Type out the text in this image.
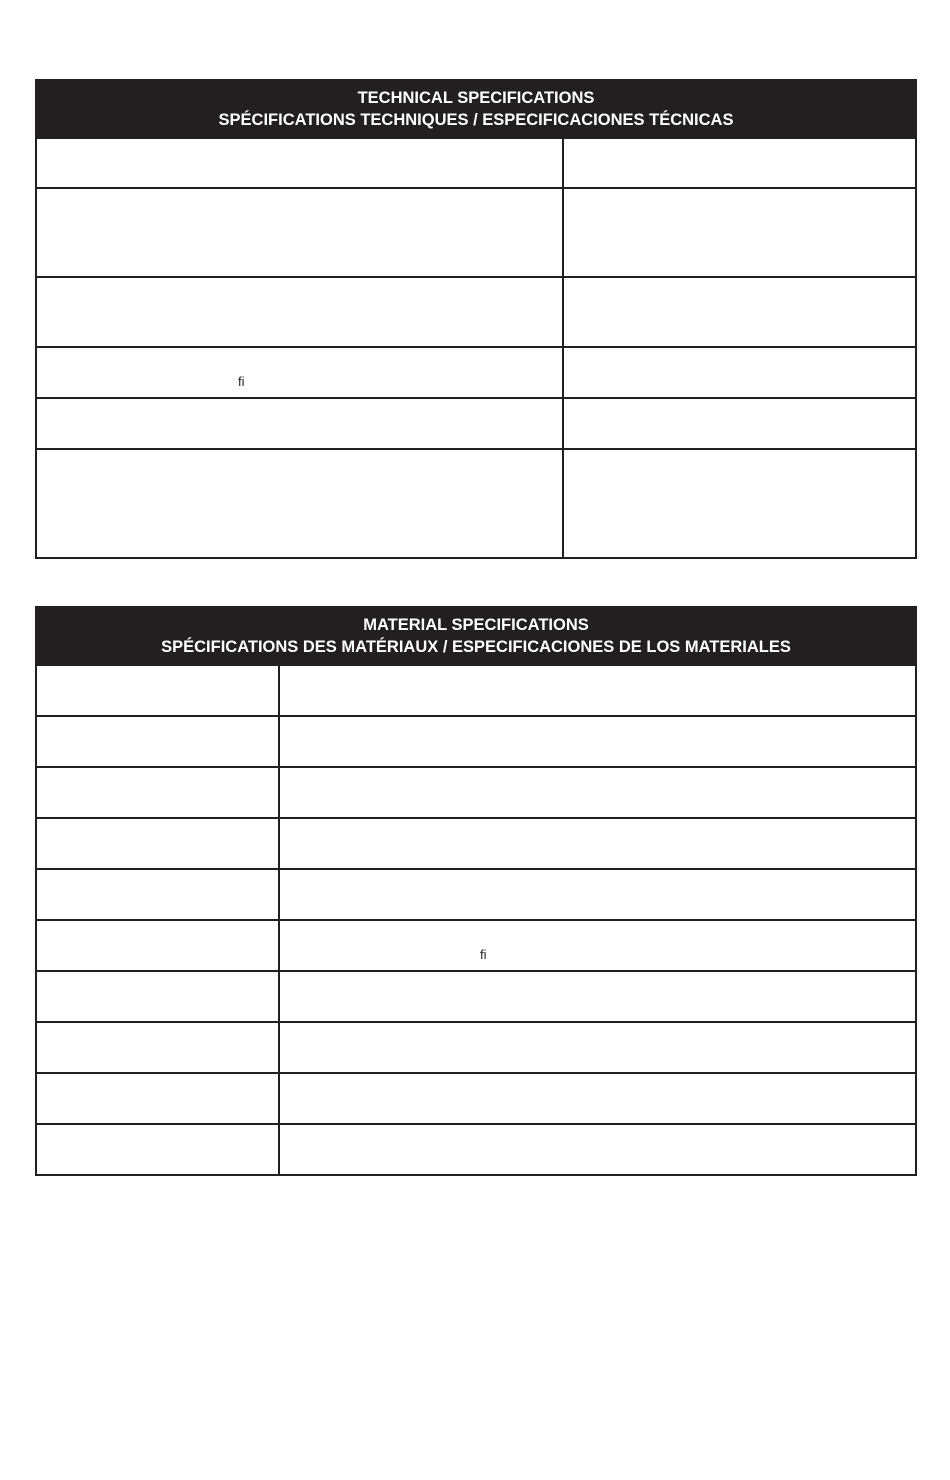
TECHNICAL SPECIFICATIONS
SPÉCIFICATIONS TECHNIQUES / ESPECIFICACIONES TÉCNICAS	

fi	

MATERIAL SPECIFICATIONS
SPÉCIFICATIONS DES MATÉRIAUX / ESPECIFICACIONES DE LOS MATERIALES	

	fi
